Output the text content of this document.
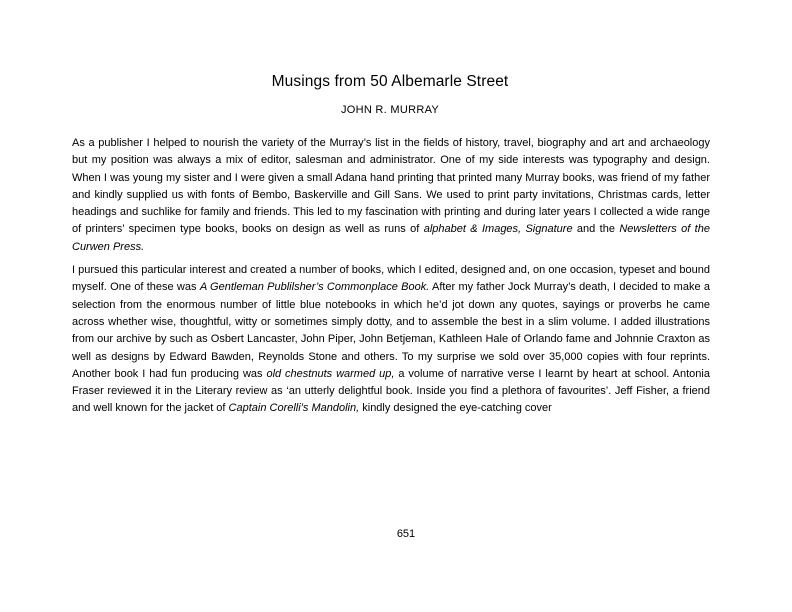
Musings from 50 Albemarle Street
JOHN R. MURRAY

As a publisher I helped to nourish the variety of the Murray’s list in the fields of history, travel, biography and art and archaeology but my position was always a mix of editor, salesman and administrator. One of my side interests was typography and design. When I was young my sister and I were given a small Adana hand printing that printed many Murray books, was friend of my father and kindly supplied us with fonts of Bembo, Baskerville and Gill Sans. We used to print party invitations, Christmas cards, letter headings and suchlike for family and friends. This led to my fascination with printing and during later years I collected a wide range of printers’ specimen type books, books on design as well as runs of alphabet & Images, Signature and the Newsletters of the Curwen Press.

I pursued this particular interest and created a number of books, which I edited, designed and, on one occasion, typeset and bound myself. One of these was A Gentleman Publilsher’s Commonplace Book. After my father Jock Murray’s death, I decided to make a selection from the enormous number of little blue notebooks in which he’d jot down any quotes, sayings or proverbs he came across whether wise, thoughtful, witty or sometimes simply dotty, and to assemble the best in a slim volume. I added illustrations from our archive by such as Osbert Lancaster, John Piper, John Betjeman, Kathleen Hale of Orlando fame and Johnnie Craxton as well as designs by Edward Bawden, Reynolds Stone and others. To my surprise we sold over 35,000 copies with four reprints. Another book I had fun producing was old chestnuts warmed up, a volume of narrative verse I learnt by heart at school. Antonia Fraser reviewed it in the Literary review as ‘an utterly delightful book. Inside you find a plethora of favourites’. Jeff Fisher, a friend and well known for the jacket of Captain Corelli’s Mandolin, kindly designed the eye-catching cover

651
